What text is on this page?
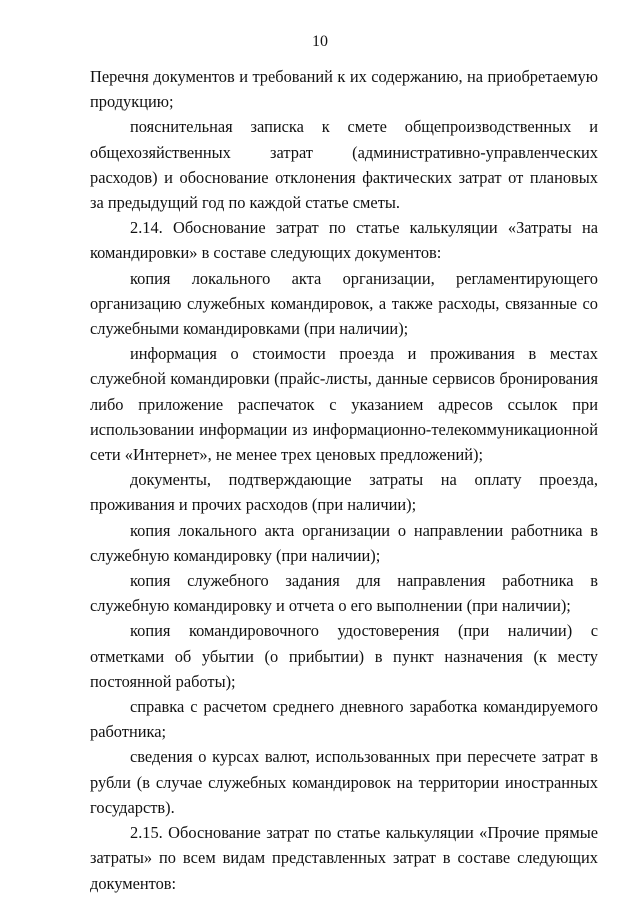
10

Перечня документов и требований к их содержанию, на приобретаемую продукцию;

пояснительная записка к смете общепроизводственных и общехозяйственных затрат (административно-управленческих расходов) и обоснование отклонения фактических затрат от плановых за предыдущий год по каждой статье сметы.

2.14. Обоснование затрат по статье калькуляции «Затраты на командировки» в составе следующих документов:

копия локального акта организации, регламентирующего организацию служебных командировок, а также расходы, связанные со служебными командировками (при наличии);

информация о стоимости проезда и проживания в местах служебной командировки (прайс-листы, данные сервисов бронирования либо приложение распечаток с указанием адресов ссылок при использовании информации из информационно-телекоммуникационной сети «Интернет», не менее трех ценовых предложений);

документы, подтверждающие затраты на оплату проезда, проживания и прочих расходов (при наличии);

копия локального акта организации о направлении работника в служебную командировку (при наличии);

копия служебного задания для направления работника в служебную командировку и отчета о его выполнении (при наличии);

копия командировочного удостоверения (при наличии) с отметками об убытии (о прибытии) в пункт назначения (к месту постоянной работы);

справка с расчетом среднего дневного заработка командируемого работника;

сведения о курсах валют, использованных при пересчете затрат в рубли (в случае служебных командировок на территории иностранных государств).

2.15. Обоснование затрат по статье калькуляции «Прочие прямые затраты» по всем видам представленных затрат в составе следующих документов:
